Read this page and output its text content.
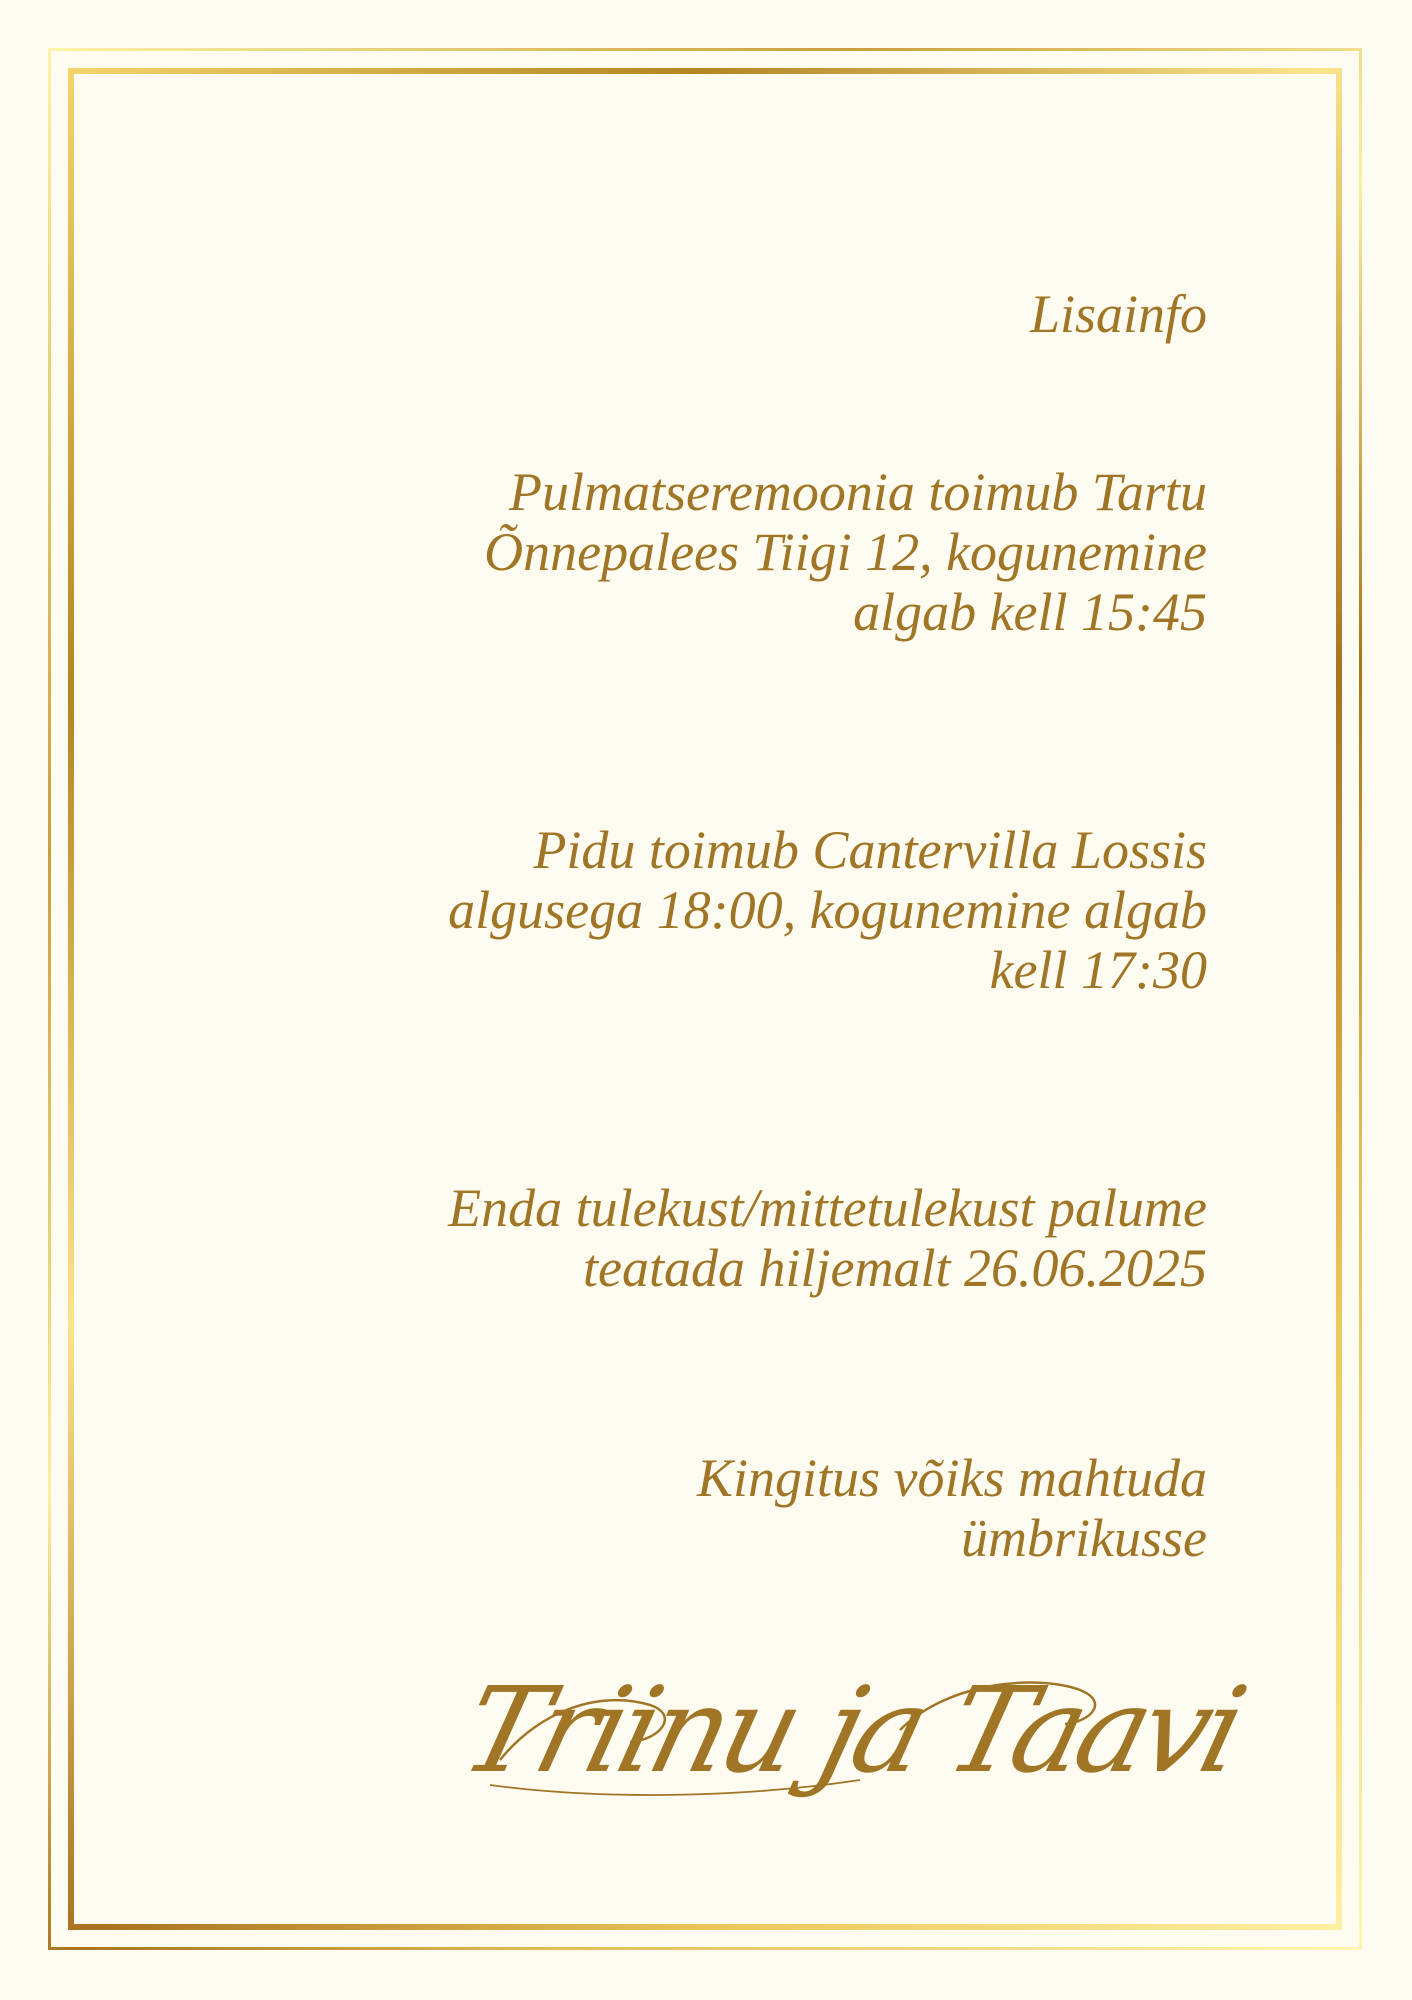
Lisainfo
Pulmatseremoonia toimub Tartu
Õnnepalees Tiigi 12, kogunemine
algab kell 15:45
Pidu toimub Cantervilla Lossis
algusega 18:00, kogunemine algab
kell 17:30
Enda tulekust/mittetulekust palume
teatada hiljemalt 26.06.2025
Kingitus võiks mahtuda
ümbrikusse
Triinu ja Taavi
